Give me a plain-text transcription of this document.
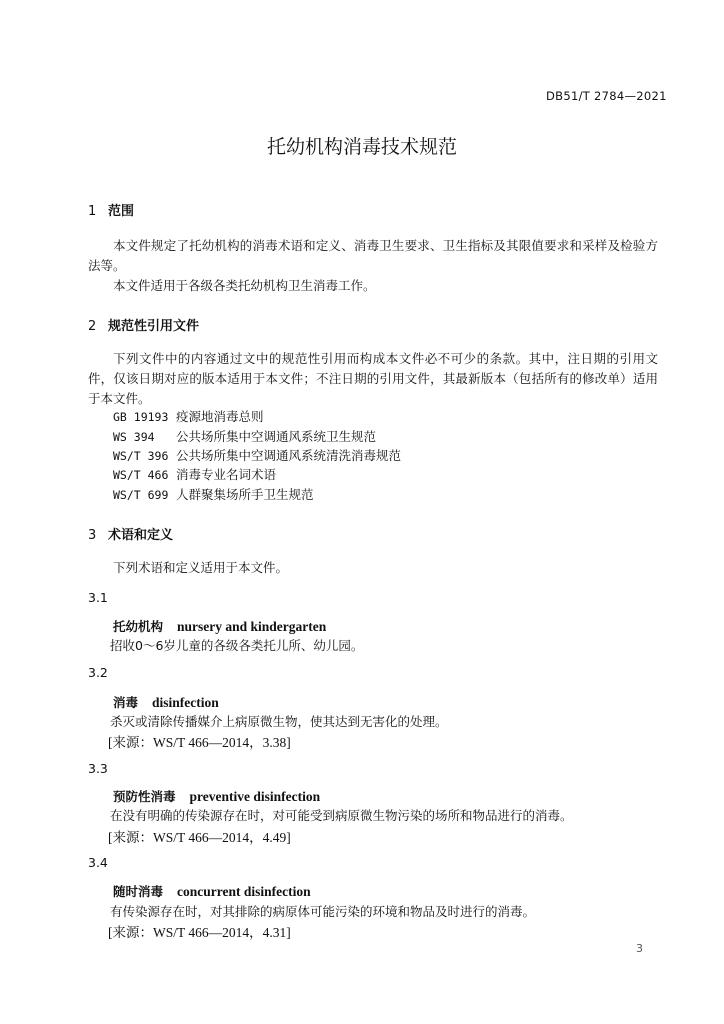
DB51/T 2784—2021
托幼机构消毒技术规范
1 范围
本文件规定了托幼机构的消毒术语和定义、消毒卫生要求、卫生指标及其限值要求和采样及检验方法等。
本文件适用于各级各类托幼机构卫生消毒工作。
2 规范性引用文件
下列文件中的内容通过文中的规范性引用而构成本文件必不可少的条款。其中，注日期的引用文件，仅该日期对应的版本适用于本文件；不注日期的引用文件，其最新版本（包括所有的修改单）适用于本文件。
GB 19193 疫源地消毒总则
WS 394 公共场所集中空调通风系统卫生规范
WS/T 396 公共场所集中空调通风系统清洗消毒规范
WS/T 466 消毒专业名词术语
WS/T 699 人群聚集场所手卫生规范
3 术语和定义
下列术语和定义适用于本文件。
3.1
托幼机构 nursery and kindergarten
招收0～6岁儿童的各级各类托儿所、幼儿园。
3.2
消毒 disinfection
杀灭或清除传播媒介上病原微生物，使其达到无害化的处理。
[来源：WS/T 466—2014，3.38]
3.3
预防性消毒 preventive disinfection
在没有明确的传染源存在时，对可能受到病原微生物污染的场所和物品进行的消毒。
[来源：WS/T 466—2014，4.49]
3.4
随时消毒 concurrent disinfection
有传染源存在时，对其排除的病原体可能污染的环境和物品及时进行的消毒。
[来源：WS/T 466—2014，4.31]
3
